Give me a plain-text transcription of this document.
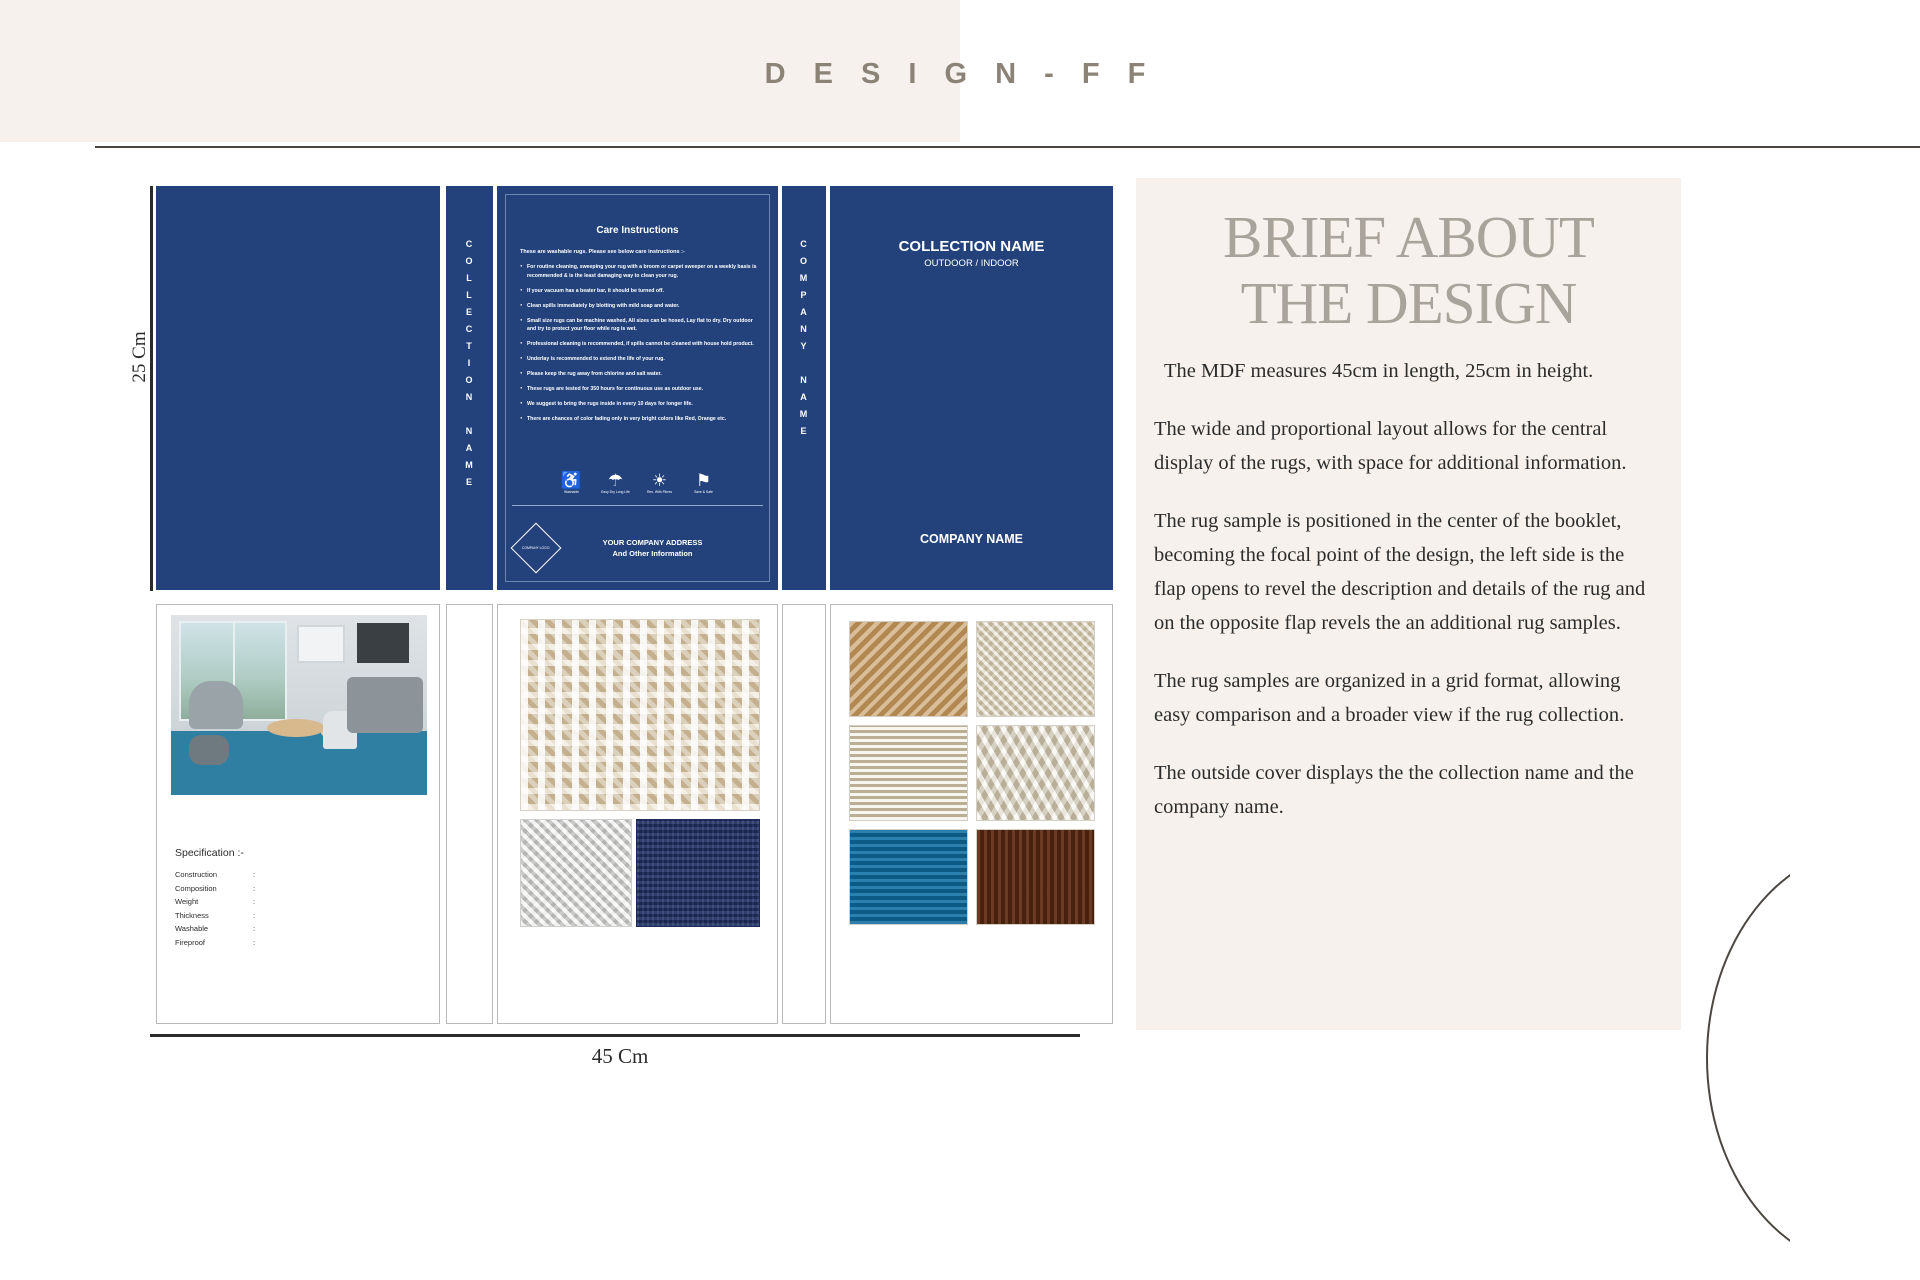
D E S I G N - F F
25 Cm
45 Cm
C
O
L
L
E
C
T
I
O
N

N
A
M
E
Care Instructions
These are washable rugs. Please see below care instructions :-
· For routine cleaning, sweeping your rug with a broom or carpet sweeper on a weekly basis is recommended & is the least damaging way to clean your rug.
· If your vacuum has a beater bar, it should be turned off.
· Clean spills immediately by blotting with mild soap and water.
· Small size rugs can be machine washed, All sizes can be hosed, Lay flat to dry. Dry outdoor and try to protect your floor while rug is wet.
· Professional cleaning is recommended, if spills cannot be cleaned with house hold product.
· Underlay is recommended to extend the life of your rug.
· Please keep the rug away from chlorine and salt water.
· These rugs are tested for 350 hours for continuous use as outdoor use.
· We suggest to bring the rugs inside in every 10 days for longer life.
· There are chances of color fading only in very bright colors like Red, Orange etc.
♿
Washable
☂
Easy Dry Long Life
☀
Res. With Fibres
⚑
Save & Safe
COMPANY LOGO
YOUR COMPANY ADDRESS
And Other Information
C
O
M
P
A
N
Y

N
A
M
E
COLLECTION NAME
OUTDOOR / INDOOR
COMPANY NAME
Specification :-
Construction	:
Composition	:
Weight	:
Thickness	:
Washable	:
Fireproof	:
BRIEF ABOUT
THE DESIGN

The MDF measures 45cm in length, 25cm in height.

The wide and proportional layout allows for the central display of the rugs, with space for additional information.

The rug sample is positioned in the center of the booklet, becoming the focal point of the design, the left side is the flap opens to revel the description and details of the rug and on the opposite flap revels the an additional rug samples.

The rug samples are organized in a grid format, allowing easy comparison and a broader view if the rug collection.

The outside cover displays the the collection name and the company name.
